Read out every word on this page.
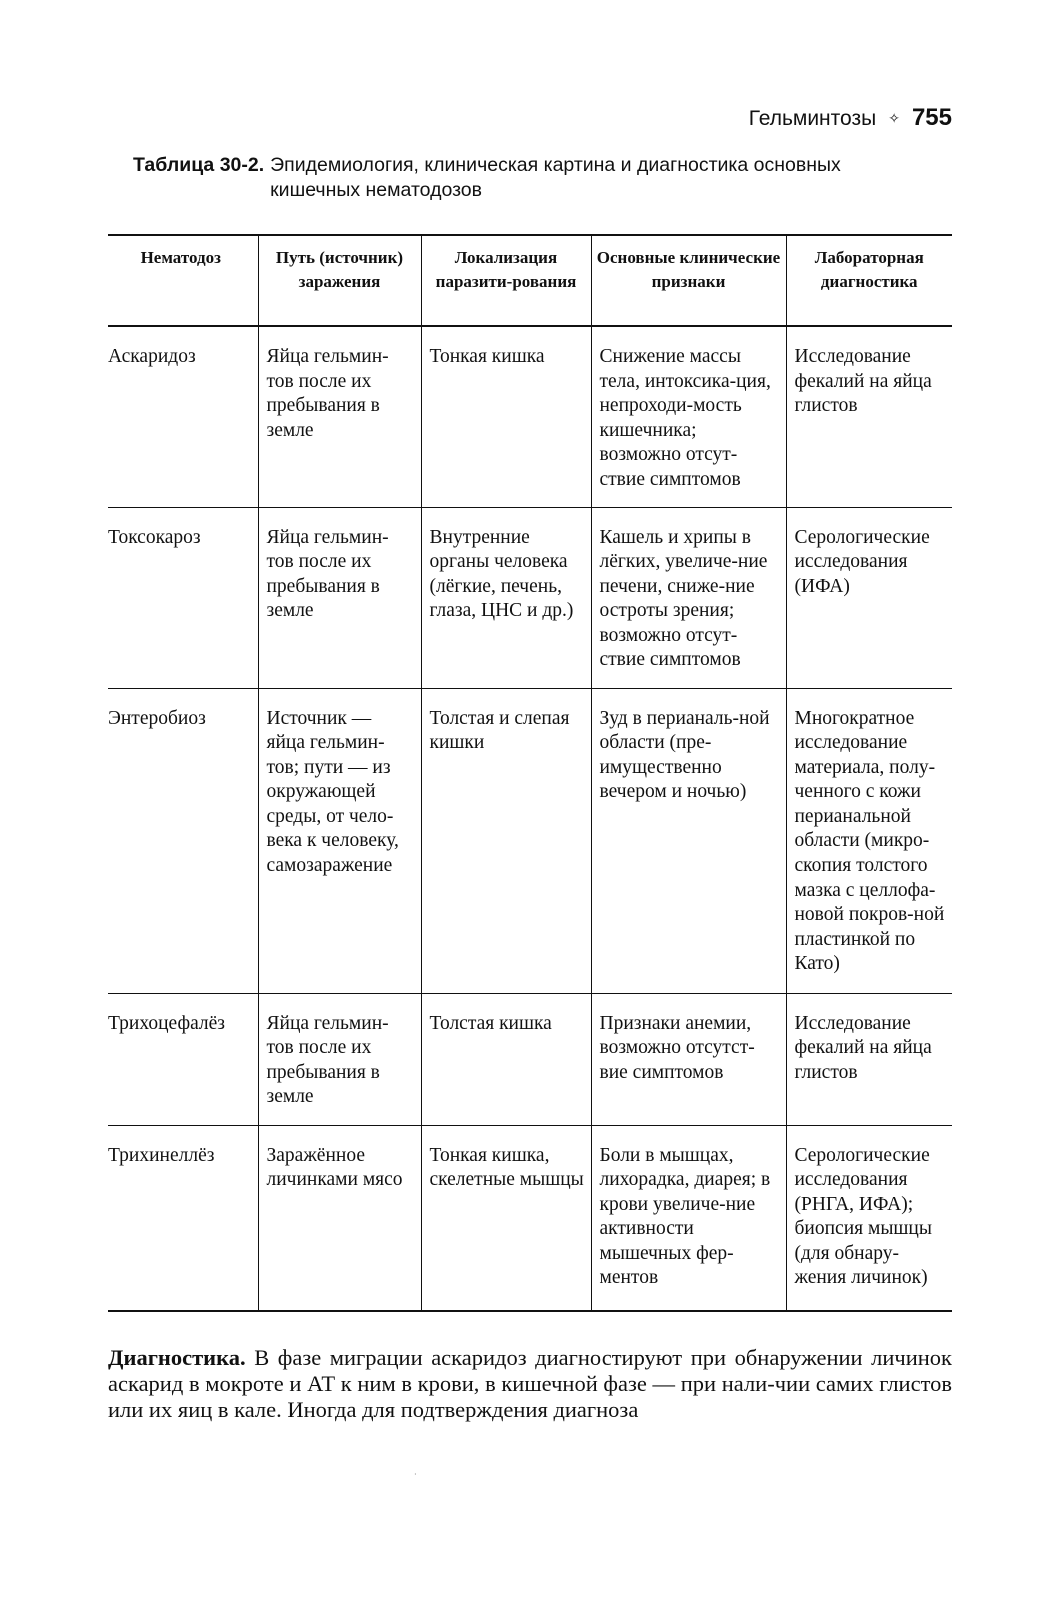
Гельминтозы ✧ 755
Таблица 30-2. Эпидемиология, клиническая картина и диагностика основных кишечных нематодозов
Нематодоз	Путь (источник) заражения	Локализация паразити-рования	Основные клинические признаки	Лабораторная диагностика
Аскаридоз	Яйца гельмин-тов после их пребывания в земле	Тонкая кишка	Снижение массы тела, интоксика-ция, непроходи-мость кишечника; возможно отсут-ствие симптомов	Исследование фекалий на яйца глистов
Токсокароз	Яйца гельмин-тов после их пребывания в земле	Внутренние органы человека (лёгкие, печень, глаза, ЦНС и др.)	Кашель и хрипы в лёгких, увеличе-ние печени, сниже-ние остроты зрения; возможно отсут-ствие симптомов	Серологические исследования (ИФА)
Энтеробиоз	Источник — яйца гельмин-тов; пути — из окружающей среды, от чело-века к человеку, самозаражение	Толстая и слепая кишки	Зуд в перианаль-ной области (пре-имущественно вечером и ночью)	Многократное исследование материала, полу-ченного с кожи перианальной области (микро-скопия толстого мазка с целлофа-новой покров-ной пластинкой по Като)
Трихоцефалёз	Яйца гельмин-тов после их пребывания в земле	Толстая кишка	Признаки анемии, возможно отсутст-вие симптомов	Исследование фекалий на яйца глистов
Трихинеллёз	Заражённое личинками мясо	Тонкая кишка, скелетные мышцы	Боли в мышцах, лихорадка, диарея; в крови увеличе-ние активности мышечных фер-ментов	Серологические исследования (РНГА, ИФА); биопсия мышцы (для обнару-жения личинок)
Диагностика. В фазе миграции аскаридоз диагностируют при обнаружении личинок аскарид в мокроте и АТ к ним в крови, в кишечной фазе — при нали-чии самих глистов или их яиц в кале. Иногда для подтверждения диагноза
·
